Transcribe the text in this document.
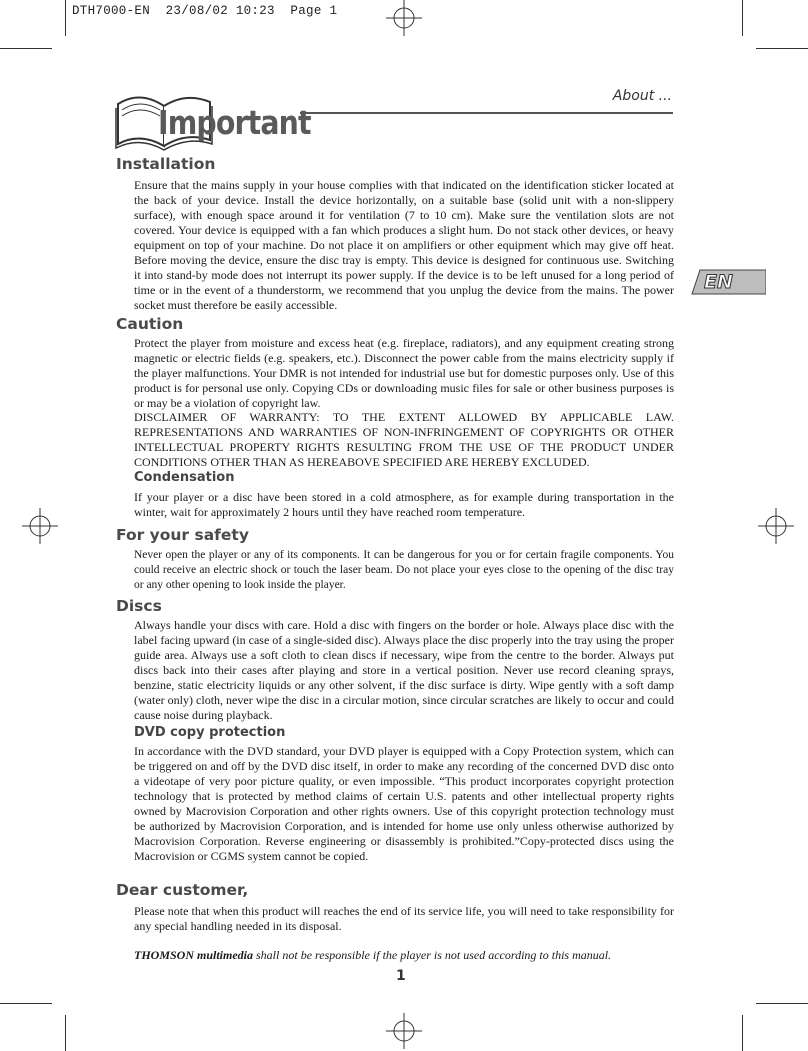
DTH7000-EN  23/08/02 10:23  Page 1
About ...
Important
EN
Installation

Ensure that the mains supply in your house complies with that indicated on the identification sticker located at the back of your device. Install the device horizontally, on a suitable base (solid unit with a non-slippery surface), with enough space around it for ventilation (7 to 10 cm). Make sure the ventilation slots are not covered. Your device is equipped with a fan which produces a slight hum. Do not stack other devices, or heavy equipment on top of your machine. Do not place it on amplifiers or other equipment which may give off heat. Before moving the device, ensure the disc tray is empty. This device is designed for continuous use. Switching it into stand-by mode does not interrupt its power supply. If the device is to be left unused for a long period of time or in the event of a thunderstorm, we recommend that you unplug the device from the mains. The power socket must therefore be easily accessible.

Caution

Protect the player from moisture and excess heat (e.g. fireplace, radiators), and any equipment creating strong magnetic or electric fields (e.g. speakers, etc.). Disconnect the power cable from the mains electricity supply if the player malfunctions. Your DMR is not intended for industrial use but for domestic purposes only. Use of this product is for personal use only. Copying CDs or downloading music files for sale or other business purposes is or may be a violation of copyright law.

DISCLAIMER OF WARRANTY: TO THE EXTENT ALLOWED BY APPLICABLE LAW. REPRESENTATIONS AND WARRANTIES OF NON-INFRINGEMENT OF COPYRIGHTS OR OTHER INTELLECTUAL PROPERTY RIGHTS RESULTING FROM THE USE OF THE PRODUCT UNDER CONDITIONS OTHER THAN AS HEREABOVE SPECIFIED ARE HEREBY EXCLUDED.

Condensation

If your player or a disc have been stored in a cold atmosphere, as for example during transportation in the winter, wait for approximately 2 hours until they have reached room temperature.

For your safety

Never open the player or any of its components. It can be dangerous for you or for certain fragile components. You could receive an electric shock or touch the laser beam. Do not place your eyes close to the opening of the disc tray or any other opening to look inside the player.

Discs

Always handle your discs with care. Hold a disc with fingers on the border or hole. Always place disc with the label facing upward (in case of a single-sided disc). Always place the disc properly into the tray using the proper guide area. Always use a soft cloth to clean discs if necessary, wipe from the centre to the border. Always put discs back into their cases after playing and store in a vertical position. Never use record cleaning sprays, benzine, static electricity liquids or any other solvent, if the disc surface is dirty. Wipe gently with a soft damp (water only) cloth, never wipe the disc in a circular motion, since circular scratches are likely to occur and could cause noise during playback.

DVD copy protection

In accordance with the DVD standard, your DVD player is equipped with a Copy Protection system, which can be triggered on and off by the DVD disc itself, in order to make any recording of the concerned DVD disc onto a videotape of very poor picture quality, or even impossible. “This product incorporates copyright protection technology that is protected by method claims of certain U.S. patents and other intellectual property rights owned by Macrovision Corporation and other rights owners. Use of this copyright protection technology must be authorized by Macrovision Corporation, and is intended for home use only unless otherwise authorized by Macrovision Corporation. Reverse engineering or disassembly is prohibited.”Copy-protected discs using the Macrovision or CGMS system cannot be copied.

Dear customer,

Please note that when this product will reaches the end of its service life, you will need to take responsibility for any special handling needed in its disposal.

THOMSON multimedia shall not be responsible if the player is not used according to this manual.
1
